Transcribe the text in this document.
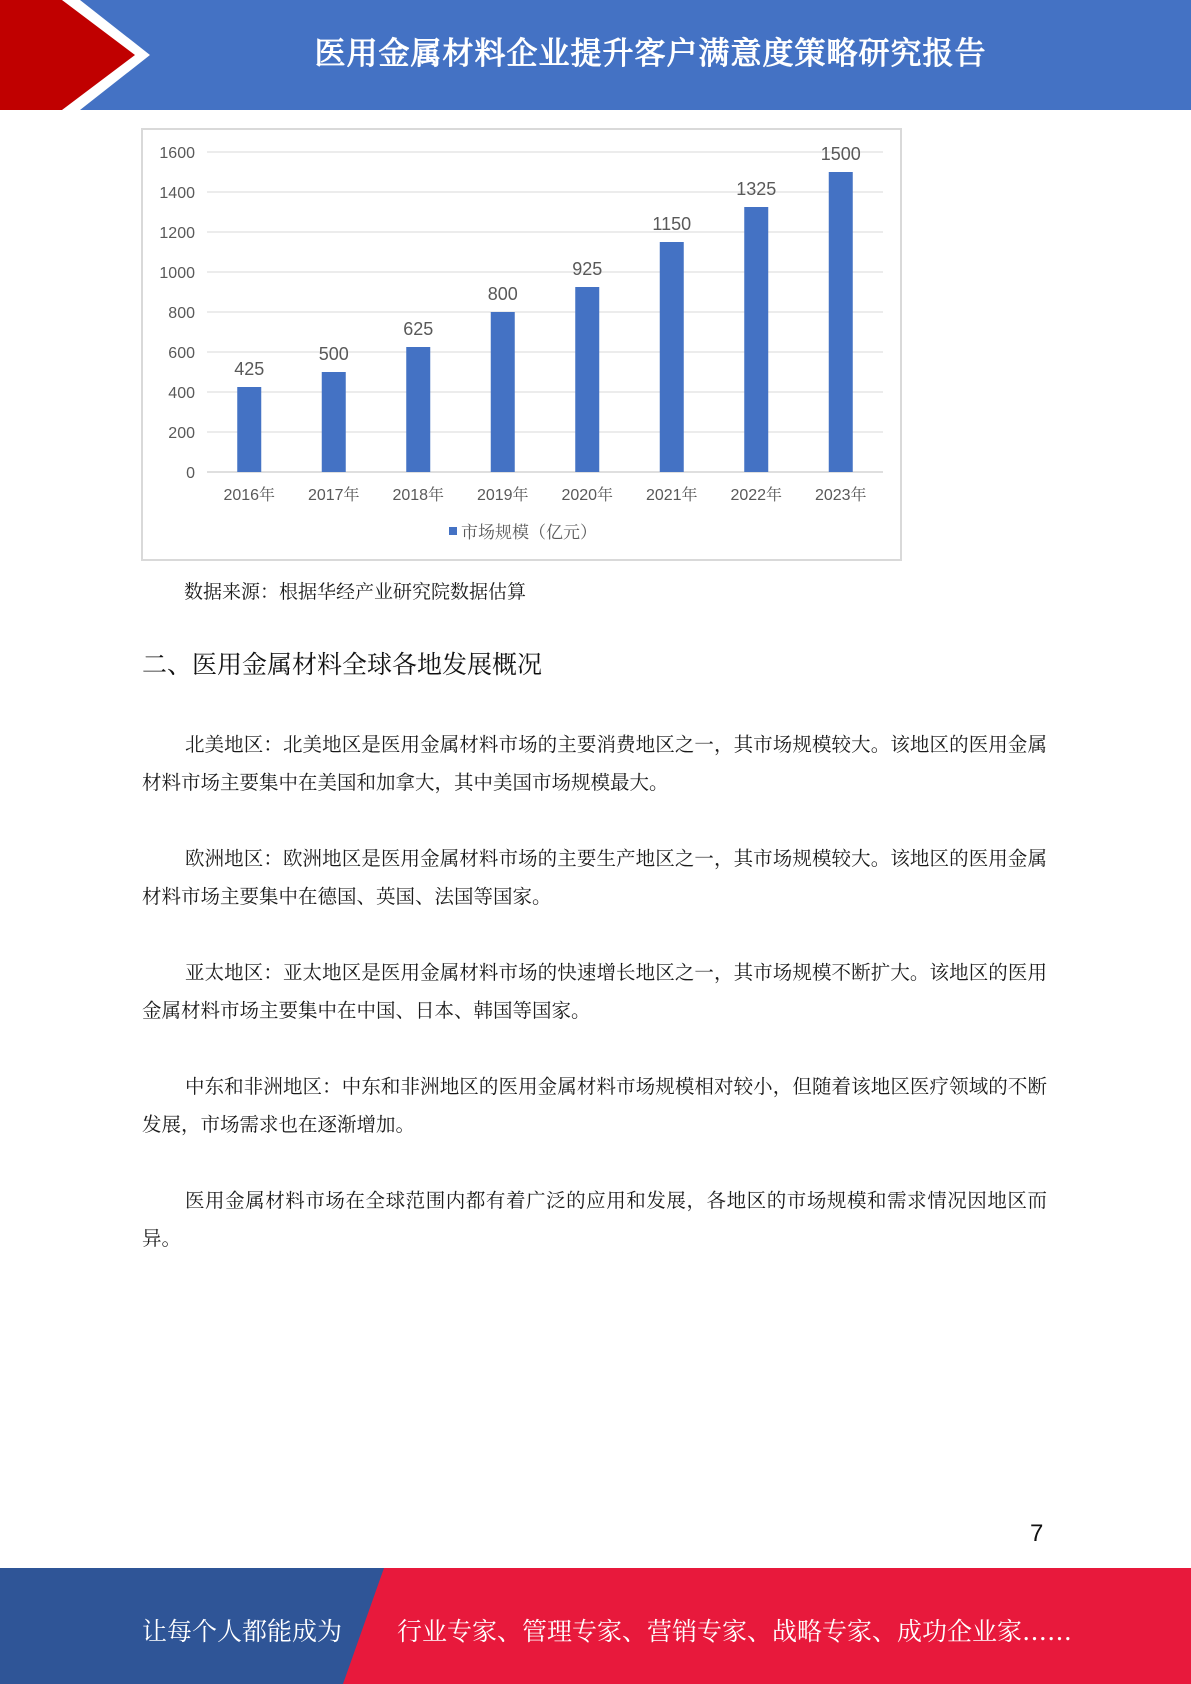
医用金属材料企业提升客户满意度策略研究报告
0
200
400
600
800
1000
1200
1400
1600
425
2016年
500
2017年
625
2018年
800
2019年
925
2020年
1150
2021年
1325
2022年
1500
2023年
市场规模（亿元）
数据来源：根据华经产业研究院数据估算
二、医用金属材料全球各地发展概况
北美地区：北美地区是医用金属材料市场的主要消费地区之一，其市场规模较大。该地区的医用金属材料市场主要集中在美国和加拿大，其中美国市场规模最大。
欧洲地区：欧洲地区是医用金属材料市场的主要生产地区之一，其市场规模较大。该地区的医用金属材料市场主要集中在德国、英国、法国等国家。
亚太地区：亚太地区是医用金属材料市场的快速增长地区之一，其市场规模不断扩大。该地区的医用金属材料市场主要集中在中国、日本、韩国等国家。
中东和非洲地区：中东和非洲地区的医用金属材料市场规模相对较小，但随着该地区医疗领域的不断发展，市场需求也在逐渐增加。
医用金属材料市场在全球范围内都有着广泛的应用和发展，各地区的市场规模和需求情况因地区而异。
7
让每个人都能成为 行业专家、管理专家、营销专家、战略专家、成功企业家……
